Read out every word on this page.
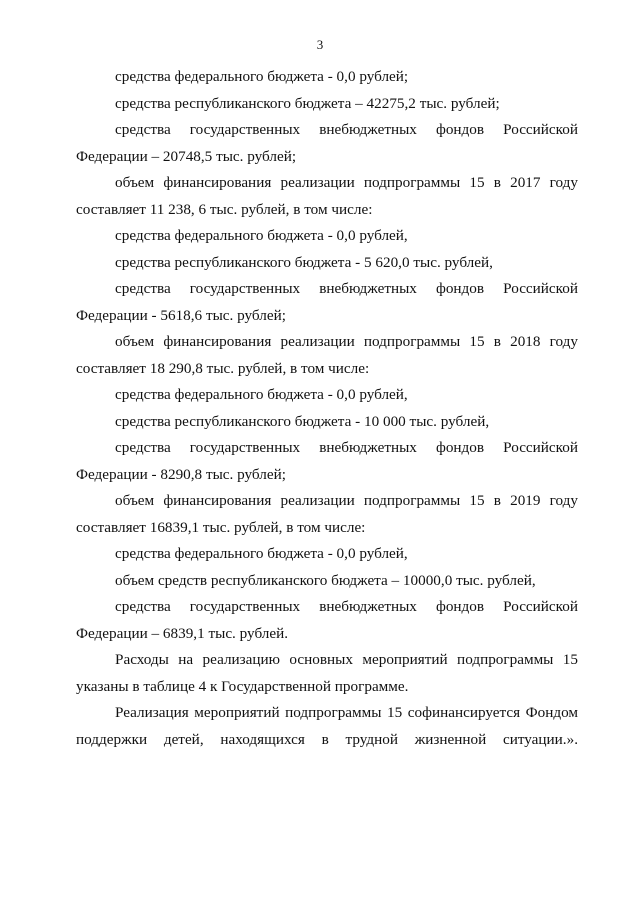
3

средства федерального бюджета - 0,0 рублей;

средства республиканского бюджета – 42275,2 тыс. рублей;

средства государственных внебюджетных фондов Российской Федерации – 20748,5 тыс. рублей;

объем финансирования реализации подпрограммы 15 в 2017 году составляет 11 238, 6 тыс. рублей, в том числе:

средства федерального бюджета - 0,0 рублей,

средства республиканского бюджета - 5 620,0 тыс. рублей,

средства государственных внебюджетных фондов Российской Федерации - 5618,6 тыс. рублей;

объем финансирования реализации подпрограммы 15 в 2018 году составляет 18 290,8 тыс. рублей, в том числе:

средства федерального бюджета - 0,0 рублей,

средства республиканского бюджета - 10 000 тыс. рублей,

средства государственных внебюджетных фондов Российской Федерации - 8290,8 тыс. рублей;

объем финансирования реализации подпрограммы 15 в 2019 году составляет 16839,1 тыс. рублей, в том числе:

средства федерального бюджета - 0,0 рублей,

объем средств республиканского бюджета – 10000,0 тыс. рублей,

средства государственных внебюджетных фондов Российской Федерации – 6839,1 тыс. рублей.

Расходы на реализацию основных мероприятий подпрограммы 15 указаны в таблице 4 к Государственной программе.

Реализация мероприятий подпрограммы 15 софинансируется Фондом поддержки детей, находящихся в трудной жизненной ситуации.».
